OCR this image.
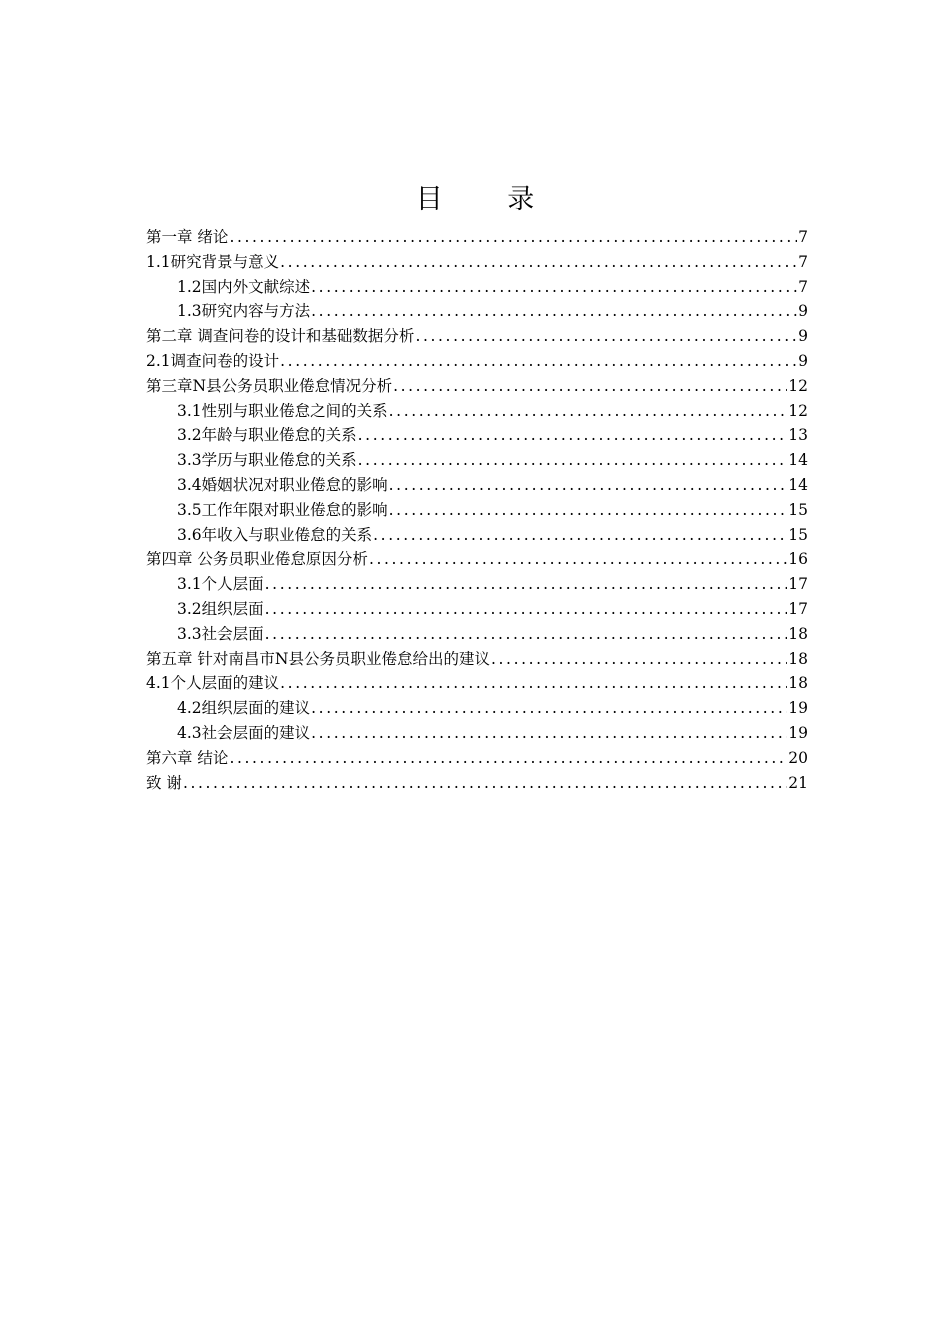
目 录
第一章 绪论 .....	7
1.1研究背景与意义 .....	7
1.2国内外文献综述 .....	7
1.3研究内容与方法 .....	9
第二章 调查问卷的设计和基础数据分析 .....	9
2.1调查问卷的设计 .....	9
第三章N县公务员职业倦怠情况分析 .....	12
3.1性别与职业倦怠之间的关系 .....	12
3.2年龄与职业倦怠的关系 .....	13
3.3学历与职业倦怠的关系 .....	14
3.4婚姻状况对职业倦怠的影响 .....	14
3.5工作年限对职业倦怠的影响 .....	15
3.6年收入与职业倦怠的关系 .....	15
第四章 公务员职业倦怠原因分析 .....	16
3.1个人层面 .....	17
3.2组织层面 .....	17
3.3社会层面 .....	18
第五章 针对南昌市N县公务员职业倦怠给出的建议 .....	18
4.1个人层面的建议 .....	18
4.2组织层面的建议 .....	19
4.3社会层面的建议 .....	19
第六章 结论 .....	20
致 谢 .....	21
